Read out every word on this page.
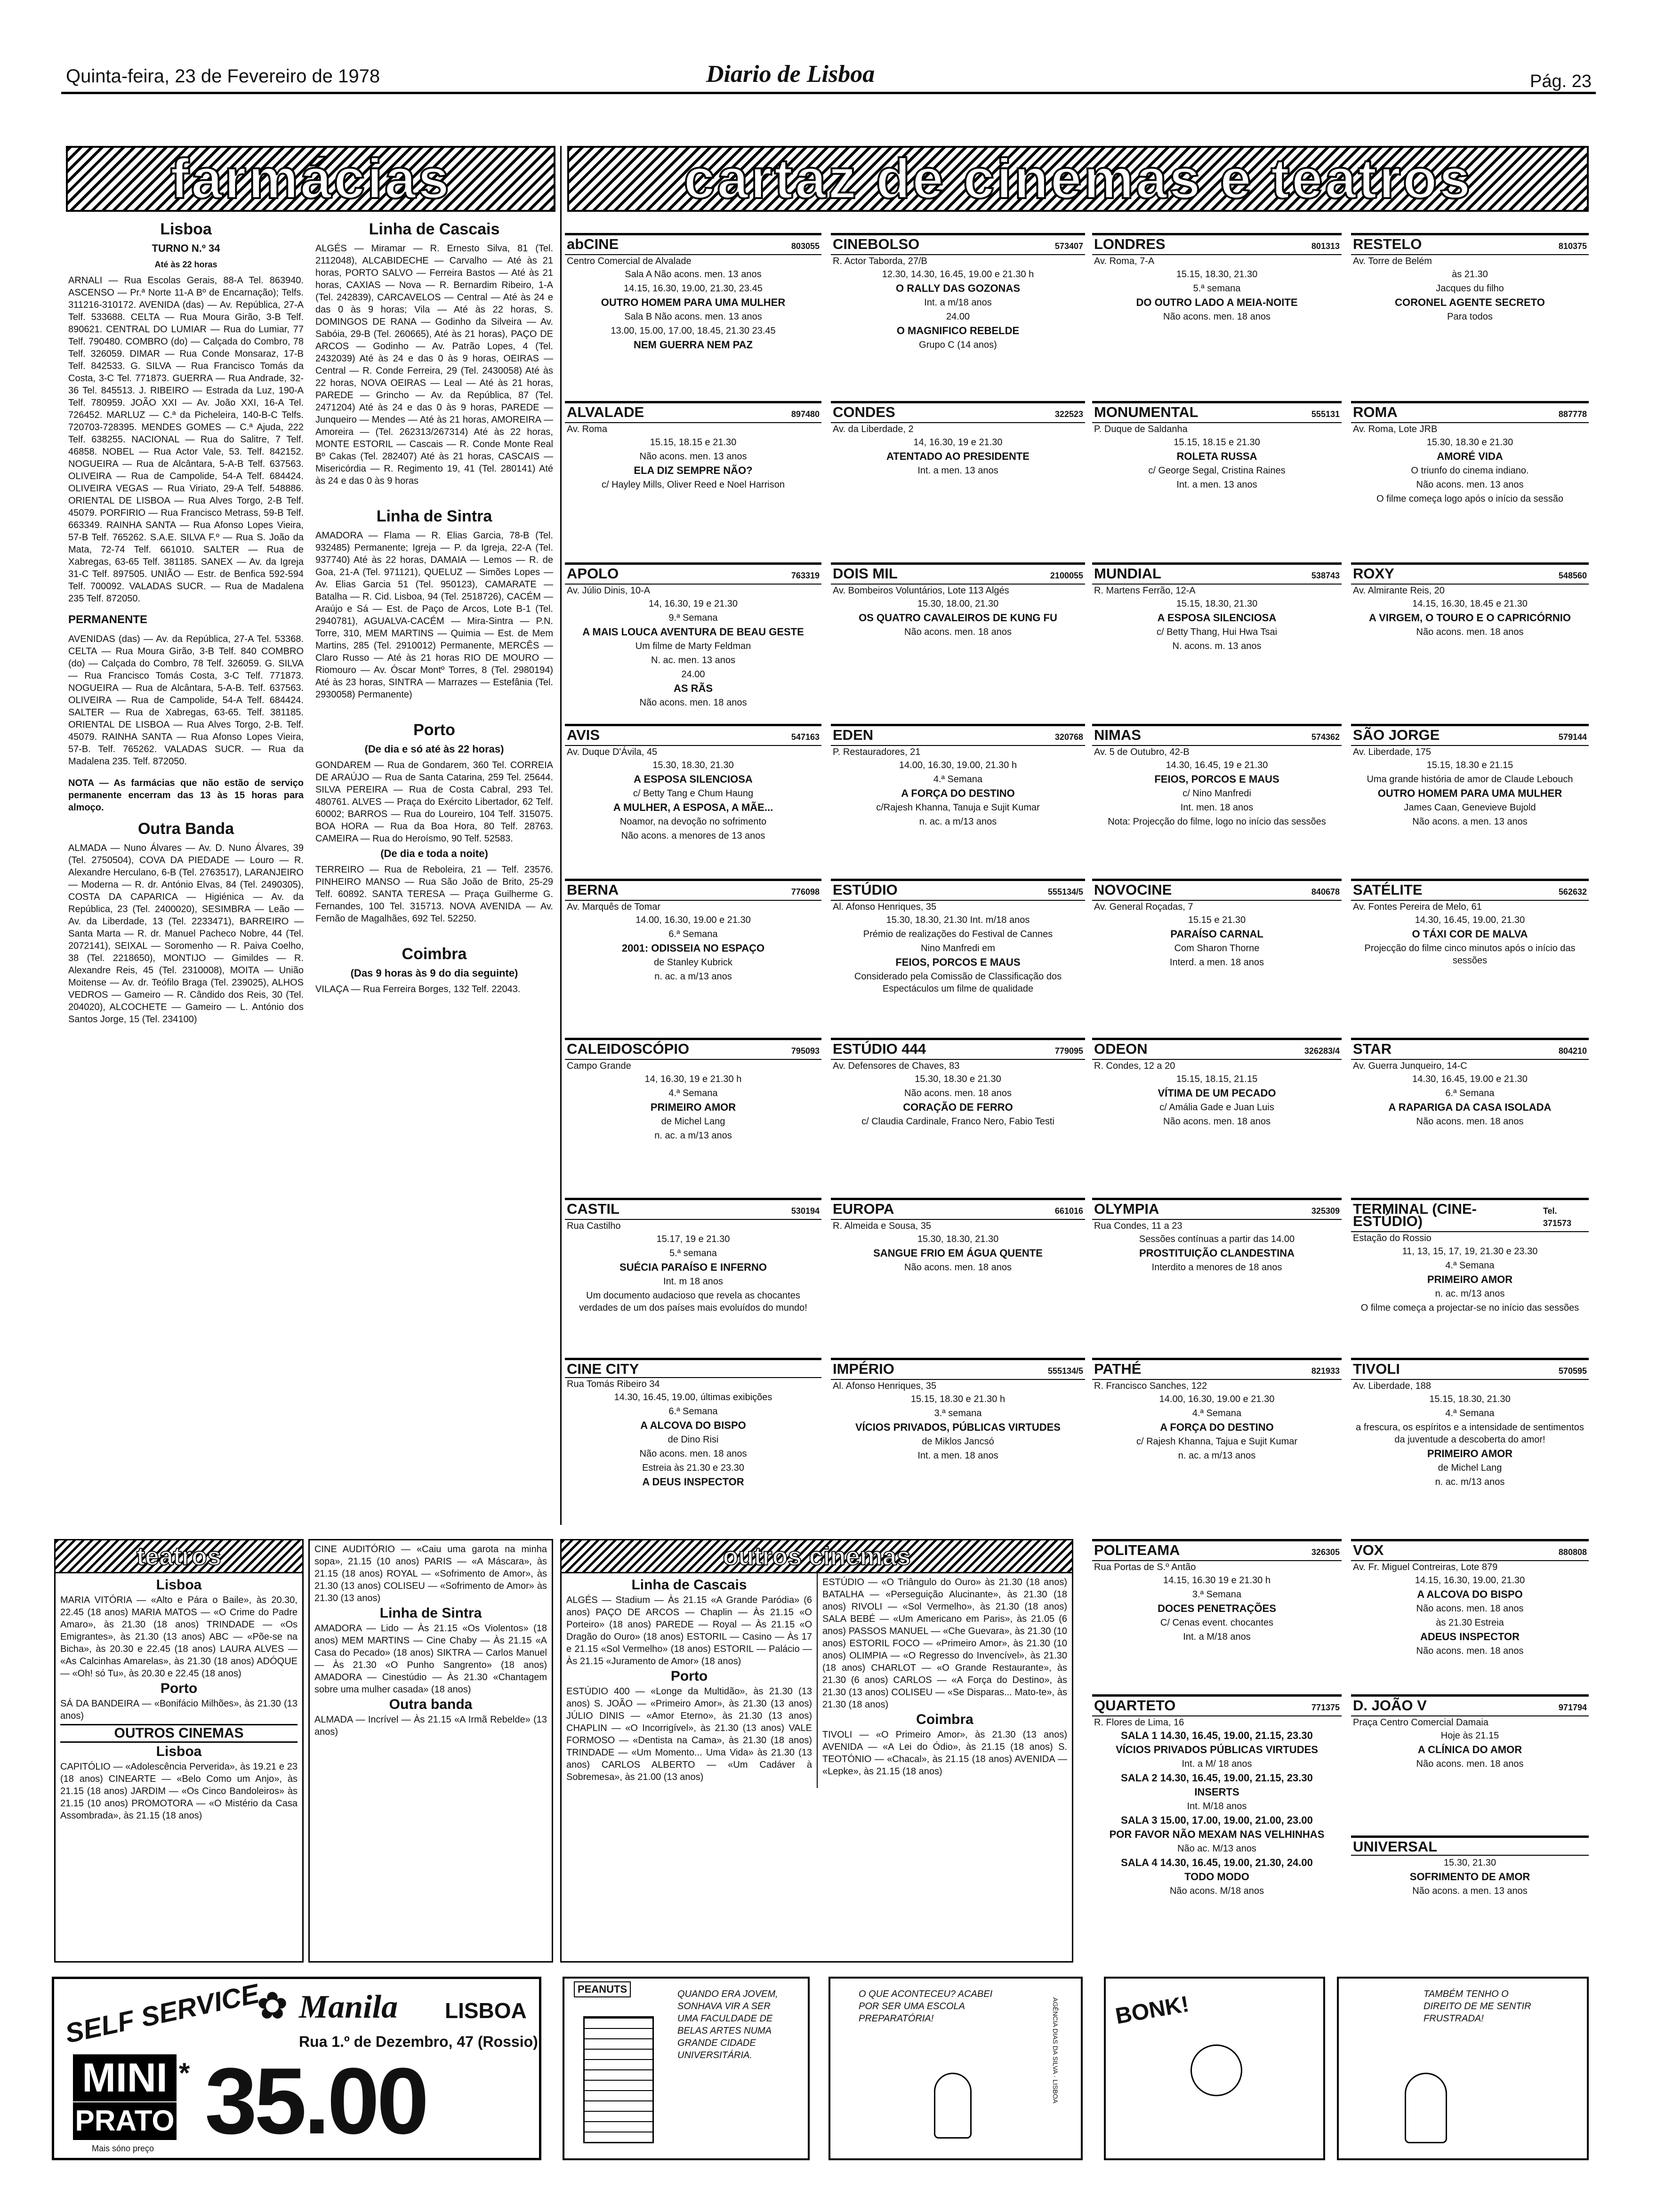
Quinta-feira, 23 de Fevereiro de 1978	Diario de Lisboa	Pág. 23
farmácias	cartaz de cinemas e teatros
Lisboa
TURNO N.º 34
Até às 22 horas

ARNALI — Rua Escolas Gerais, 88-A Tel. 863940. ASCENSO — Pr.ª Norte 11-A Bº de Encarnação); Telfs. 311216-310172. AVENIDA (das) — Av. República, 27-A Telf. 533688. CELTA — Rua Moura Girão, 3-B Telf. 890621. CENTRAL DO LUMIAR — Rua do Lumiar, 77 Telf. 790480. COMBRO (do) — Calçada do Combro, 78 Telf. 326059. DIMAR — Rua Conde Monsaraz, 17-B Telf. 842533. G. SILVA — Rua Francisco Tomás da Costa, 3-C Tel. 771873. GUERRA — Rua Andrade, 32-36 Tel. 845513. J. RIBEIRO — Estrada da Luz, 190-A Telf. 780959. JOÃO XXI — Av. João XXI, 16-A Tel. 726452. MARLUZ — C.ª da Picheleira, 140-B-C Telfs. 720703-728395. MENDES GOMES — C.ª Ajuda, 222 Telf. 638255. NACIONAL — Rua do Salitre, 7 Telf. 46858. NOBEL — Rua Actor Vale, 53. Telf. 842152. NOGUEIRA — Rua de Alcântara, 5-A-B Telf. 637563. OLIVEIRA — Rua de Campolide, 54-A Telf. 684424. OLIVEIRA VEGAS — Rua Viriato, 29-A Telf. 548886. ORIENTAL DE LISBOA — Rua Alves Torgo, 2-B Telf. 45079. PORFIRIO — Rua Francisco Metrass, 59-B Telf. 663349. RAINHA SANTA — Rua Afonso Lopes Vieira, 57-B Telf. 765262. S.A.E. SILVA F.º — Rua S. João da Mata, 72-74 Telf. 661010. SALTER — Rua de Xabregas, 63-65 Telf. 381185. SANEX — Av. da Igreja 31-C Telf. 897505. UNIÃO — Estr. de Benfica 592-594 Telf. 700092. VALADAS SUCR. — Rua de Madalena 235 Telf. 872050.

PERMANENTE

AVENIDAS (das) — Av. da República, 27-A Tel. 53368. CELTA — Rua Moura Girão, 3-B Telf. 840 COMBRO (do) — Calçada do Combro, 78 Telf. 326059. G. SILVA — Rua Francisco Tomás Costa, 3-C Telf. 771873. NOGUEIRA — Rua de Alcântara, 5-A-B. Telf. 637563. OLIVEIRA — Rua de Campolide, 54-A Telf. 684424. SALTER — Rua de Xabregas, 63-65. Telf. 381185. ORIENTAL DE LISBOA — Rua Alves Torgo, 2-B. Telf. 45079. RAINHA SANTA — Rua Afonso Lopes Vieira, 57-B. Telf. 765262. VALADAS SUCR. — Rua da Madalena 235. Telf. 872050.

NOTA — As farmácias que não estão de serviço permanente encerram das 13 às 15 horas para almoço.

Outra Banda

ALMADA — Nuno Álvares — Av. D. Nuno Álvares, 39 (Tel. 2750504), COVA DA PIEDADE — Louro — R. Alexandre Herculano, 6-B (Tel. 2763517), LARANJEIRO — Moderna — R. dr. António Elvas, 84 (Tel. 2490305), COSTA DA CAPARICA — Higiénica — Av. da República, 23 (Tel. 2400020), SESIMBRA — Leão — Av. da Liberdade, 13 (Tel. 2233471), BARREIRO — Santa Marta — R. dr. Manuel Pacheco Nobre, 44 (Tel. 2072141), SEIXAL — Soromenho — R. Paiva Coelho, 38 (Tel. 2218650), MONTIJO — Gimildes — R. Alexandre Reis, 45 (Tel. 2310008), MOITA — União Moitense — Av. dr. Teófilo Braga (Tel. 239025), ALHOS VEDROS — Gameiro — R. Cândido dos Reis, 30 (Tel. 204020), ALCOCHETE — Gameiro — L. António dos Santos Jorge, 15 (Tel. 234100)

Linha de Cascais

ALGÉS — Miramar — R. Ernesto Silva, 81 (Tel. 2112048), ALCABIDECHE — Carvalho — Até às 21 horas, PORTO SALVO — Ferreira Bastos — Até às 21 horas, CAXIAS — Nova — R. Bernardim Ribeiro, 1-A (Tel. 242839), CARCAVELOS — Central — Até às 24 e das 0 às 9 horas; Vila — Até às 22 horas, S. DOMINGOS DE RANA — Godinho da Silveira — Av. Sabóia, 29-B (Tel. 260665), Até às 21 horas), PAÇO DE ARCOS — Godinho — Av. Patrão Lopes, 4 (Tel. 2432039) Até às 24 e das 0 às 9 horas, OEIRAS — Central — R. Conde Ferreira, 29 (Tel. 2430058) Até às 22 horas, NOVA OEIRAS — Leal — Até às 21 horas, PAREDE — Grincho — Av. da República, 87 (Tel. 2471204) Até às 24 e das 0 às 9 horas, PAREDE — Junqueiro — Mendes — Até às 21 horas, AMOREIRA — Amoreira — (Tel. 262313/267314) Até às 22 horas, MONTE ESTORIL — Cascais — R. Conde Monte Real Bº Cakas (Tel. 282407) Até às 21 horas, CASCAIS — Misericórdia — R. Regimento 19, 41 (Tel. 280141) Até às 24 e das 0 às 9 horas

Linha de Sintra

AMADORA — Flama — R. Elias Garcia, 78-B (Tel. 932485) Permanente; Igreja — P. da Igreja, 22-A (Tel. 937740) Até às 22 horas, DAMAIA — Lemos — R. de Goa, 21-A (Tel. 971121), QUELUZ — Simões Lopes — Av. Elias Garcia 51 (Tel. 950123), CAMARATE — Batalha — R. Cid. Lisboa, 94 (Tel. 2518726), CACÉM — Araújo e Sá — Est. de Paço de Arcos, Lote B-1 (Tel. 2940781), AGUALVA-CACÉM — Mira-Sintra — P.N. Torre, 310, MEM MARTINS — Quimia — Est. de Mem Martins, 285 (Tel. 2910012) Permanente, MERCÊS — Claro Russo — Até às 21 horas RIO DE MOURO — Riomouro — Av. Óscar Montº Torres, 8 (Tel. 2980194) Até às 23 horas, SINTRA — Marrazes — Estefânia (Tel. 2930058) Permanente)

Porto
(De dia e só até às 22 horas)

GONDAREM — Rua de Gondarem, 360 Tel. CORREIA DE ARAÚJO — Rua de Santa Catarina, 259 Tel. 25644. SILVA PEREIRA — Rua de Costa Cabral, 293 Tel. 480761. ALVES — Praça do Exército Libertador, 62 Telf. 60002; BARROS — Rua do Loureiro, 104 Telf. 315075. BOA HORA — Rua da Boa Hora, 80 Telf. 28763. CAMEIRA — Rua do Heroísmo, 90 Telf. 52583.

(De dia e toda a noite)

TERREIRO — Rua de Reboleira, 21 — Telf. 23576. PINHEIRO MANSO — Rua São João de Brito, 25-29 Telf. 60892. SANTA TERESA — Praça Guilherme G. Fernandes, 100 Tel. 315713. NOVA AVENIDA — Av. Fernão de Magalhães, 692 Tel. 52250.

Coimbra
(Das 9 horas às 9 do dia seguinte)

VILAÇA — Rua Ferreira Borges, 132 Telf. 22043.

abCINE	803055
Centro Comercial de Alvalade
Sala A Não acons. men. 13 anos
14.15, 16.30, 19.00, 21.30, 23.45
OUTRO HOMEM PARA UMA MULHER
Sala B Não acons. men. 13 anos
13.00, 15.00, 17.00, 18.45, 21.30 23.45
NEM GUERRA NEM PAZ
ALVALADE	897480
Av. Roma
15.15, 18.15 e 21.30
Não acons. men. 13 anos
ELA DIZ SEMPRE NÃO?
c/ Hayley Mills, Oliver Reed e Noel Harrison
APOLO	763319
Av. Júlio Dinis, 10-A
14, 16.30, 19 e 21.30
9.ª Semana
A MAIS LOUCA AVENTURA DE BEAU GESTE
Um filme de Marty Feldman
N. ac. men. 13 anos
24.00
AS RÃS
Não acons. men. 18 anos
AVIS	547163
Av. Duque D'Ávila, 45
15.30, 18.30, 21.30
A ESPOSA SILENCIOSA
c/ Betty Tang e Chum Haung
A MULHER, A ESPOSA, A MÃE...
Noamor, na devoção no sofrimento
Não acons. a menores de 13 anos
BERNA	776098
Av. Marquês de Tomar
14.00, 16.30, 19.00 e 21.30
6.ª Semana
2001: ODISSEIA NO ESPAÇO
de Stanley Kubrick
n. ac. a m/13 anos
CALEIDOSCÓPIO	795093
Campo Grande
14, 16.30, 19 e 21.30 h
4.ª Semana
PRIMEIRO AMOR
de Michel Lang
n. ac. a m/13 anos
CASTIL	530194
Rua Castilho
15.17, 19 e 21.30
5.ª semana
SUÉCIA PARAÍSO E INFERNO
Int. m 18 anos
Um documento audacioso que revela as chocantes verdades de um dos países mais evoluídos do mundo!
CINE CITY
Rua Tomás Ribeiro 34
14.30, 16.45, 19.00, últimas exibições
6.ª Semana
A ALCOVA DO BISPO
de Dino Risi
Não acons. men. 18 anos
Estreia às 21.30 e 23.30
A DEUS INSPECTOR
CINEBOLSO	573407
R. Actor Taborda, 27/B
12.30, 14.30, 16.45, 19.00 e 21.30 h
O RALLY DAS GOZONAS
Int. a m/18 anos
24.00
O MAGNIFICO REBELDE
Grupo C (14 anos)
CONDES	322523
Av. da Liberdade, 2
14, 16.30, 19 e 21.30
ATENTADO AO PRESIDENTE
Int. a men. 13 anos
DOIS MIL	2100055
Av. Bombeiros Voluntários, Lote 113 Algés
15.30, 18.00, 21.30
OS QUATRO CAVALEIROS DE KUNG FU
Não acons. men. 18 anos
EDEN	320768
P. Restauradores, 21
14.00, 16.30, 19.00, 21.30 h
4.ª Semana
A FORÇA DO DESTINO
c/Rajesh Khanna, Tanuja e Sujit Kumar
n. ac. a m/13 anos
ESTÚDIO	555134/5
Al. Afonso Henriques, 35
15.30, 18.30, 21.30 Int. m/18 anos
Prémio de realizações do Festival de Cannes
Nino Manfredi em
FEIOS, PORCOS E MAUS
Considerado pela Comissão de Classificação dos Espectáculos um filme de qualidade
ESTÚDIO 444	779095
Av. Defensores de Chaves, 83
15.30, 18.30 e 21.30
Não acons. men. 18 anos
CORAÇÃO DE FERRO
c/ Claudia Cardinale, Franco Nero, Fabio Testi
EUROPA	661016
R. Almeida e Sousa, 35
15.30, 18.30, 21.30
SANGUE FRIO EM ÁGUA QUENTE
Não acons. men. 18 anos
IMPÉRIO	555134/5
Al. Afonso Henriques, 35
15.15, 18.30 e 21.30 h
3.ª semana
VÍCIOS PRIVADOS, PÚBLICAS VIRTUDES
de Miklos Jancsó
Int. a men. 18 anos
LONDRES	801313
Av. Roma, 7-A
15.15, 18.30, 21.30
5.ª semana
DO OUTRO LADO A MEIA-NOITE
Não acons. men. 18 anos
MONUMENTAL	555131
P. Duque de Saldanha
15.15, 18.15 e 21.30
ROLETA RUSSA
c/ George Segal, Cristina Raines
Int. a men. 13 anos
MUNDIAL	538743
R. Martens Ferrão, 12-A
15.15, 18.30, 21.30
A ESPOSA SILENCIOSA
c/ Betty Thang, Hui Hwa Tsai
N. acons. m. 13 anos
NIMAS	574362
Av. 5 de Outubro, 42-B
14.30, 16.45, 19 e 21.30
FEIOS, PORCOS E MAUS
c/ Nino Manfredi
Int. men. 18 anos
Nota: Projecção do filme, logo no início das sessões
NOVOCINE	840678
Av. General Roçadas, 7
15.15 e 21.30
PARAÍSO CARNAL
Com Sharon Thorne
Interd. a men. 18 anos
ODEON	326283/4
R. Condes, 12 a 20
15.15, 18.15, 21.15
VÍTIMA DE UM PECADO
c/ Amália Gade e Juan Luis
Não acons. men. 18 anos
OLYMPIA	325309
Rua Condes, 11 a 23
Sessões contínuas a partir das 14.00
PROSTITUIÇÃO CLANDESTINA
Interdito a menores de 18 anos
PATHÉ	821933
R. Francisco Sanches, 122
14.00, 16.30, 19.00 e 21.30
4.ª Semana
A FORÇA DO DESTINO
c/ Rajesh Khanna, Tajua e Sujit Kumar
n. ac. a m/13 anos
POLITEAMA	326305
Rua Portas de S.º Antão
14.15, 16.30 19 e 21.30 h
3.ª Semana
DOCES PENETRAÇÕES
C/ Cenas event. chocantes
Int. a M/18 anos
QUARTETO	771375
R. Flores de Lima, 16
SALA 1 14.30, 16.45, 19.00, 21.15, 23.30
VÍCIOS PRIVADOS PÚBLICAS VIRTUDES
Int. a M/ 18 anos
SALA 2 14.30, 16.45, 19.00, 21.15, 23.30
INSERTS
Int. M/18 anos
SALA 3 15.00, 17.00, 19.00, 21.00, 23.00
POR FAVOR NÃO MEXAM NAS VELHINHAS
Não ac. M/13 anos
SALA 4 14.30, 16.45, 19.00, 21.30, 24.00
TODO MODO
Não acons. M/18 anos
RESTELO	810375
Av. Torre de Belém
às 21.30
Jacques du filho
CORONEL AGENTE SECRETO
Para todos
ROMA	887778
Av. Roma, Lote JRB
15.30, 18.30 e 21.30
AMORÉ VIDA
O triunfo do cinema indiano.
Não acons. men. 13 anos
O filme começa logo após o início da sessão
ROXY	548560
Av. Almirante Reis, 20
14.15, 16.30, 18.45 e 21.30
A VIRGEM, O TOURO E O CAPRICÓRNIO
Não acons. men. 18 anos
SÃO JORGE	579144
Av. Liberdade, 175
15.15, 18.30 e 21.15
Uma grande história de amor de Claude Lebouch
OUTRO HOMEM PARA UMA MULHER
James Caan, Genevieve Bujold
Não acons. a men. 13 anos
SATÉLITE	562632
Av. Fontes Pereira de Melo, 61
14.30, 16.45, 19.00, 21.30
O TÁXI COR DE MALVA
Projecção do filme cinco minutos após o início das sessões
STAR	804210
Av. Guerra Junqueiro, 14-C
14.30, 16.45, 19.00 e 21.30
6.ª Semana
A RAPARIGA DA CASA ISOLADA
Não acons. men. 18 anos
TERMINAL (CINE-ESTÚDIO)
Tel. 371573
Estação do Rossio
11, 13, 15, 17, 19, 21.30 e 23.30
4.ª Semana
PRIMEIRO AMOR
n. ac. m/13 anos
O filme começa a projectar-se no início das sessões
TIVOLI	570595
Av. Liberdade, 188
15.15, 18.30, 21.30
4.ª Semana
a frescura, os espíritos e a intensidade de sentimentos da juventude a descoberta do amor!
PRIMEIRO AMOR
de Michel Lang
n. ac. m/13 anos
VOX	880808
Av. Fr. Miguel Contreiras, Lote 879
14.15, 16.30, 19.00, 21.30
A ALCOVA DO BISPO
Não acons. men. 18 anos
às 21.30 Estreia
ADEUS INSPECTOR
Não acons. men. 18 anos
D. JOÃO V	971794
Praça Centro Comercial Damaia
Hoje às 21.15
A CLÍNICA DO AMOR
Não acons. men. 18 anos
UNIVERSAL
15.30, 21.30
SOFRIMENTO DE AMOR
Não acons. a men. 13 anos
teatros
Lisboa

MARIA VITÓRIA — «Alto e Pára o Baile», às 20.30, 22.45 (18 anos) MARIA MATOS — «O Crime do Padre Amaro», às 21.30 (18 anos) TRINDADE — «Os Emigrantes», às 21.30 (13 anos) ABC — «Põe-se na Bicha», às 20.30 e 22.45 (18 anos) LAURA ALVES — «As Calcinhas Amarelas», às 21.30 (18 anos) ADÓQUE — «Oh! só Tu», às 20.30 e 22.45 (18 anos)

Porto

SÁ DA BANDEIRA — «Bonifácio Milhões», às 21.30 (13 anos)

OUTROS CINEMAS
Lisboa

CAPITÓLIO — «Adolescência Perverida», às 19.21 e 23 (18 anos) CINEARTE — «Belo Como um Anjo», às 21.15 (18 anos) JARDIM — «Os Cinco Bandoleiros» às 21.15 (10 anos) PROMOTORA — «O Mistério da Casa Assombrada», às 21.15 (18 anos)

CINE AUDITÓRIO — «Caiu uma garota na minha sopa», 21.15 (10 anos) PARIS — «A Máscara», às 21.15 (18 anos) ROYAL — «Sofrimento de Amor», às 21.30 (13 anos) COLISEU — «Sofrimento de Amor» às 21.30 (13 anos)

Linha de Sintra

AMADORA — Lido — Às 21.15 «Os Violentos» (18 anos) MEM MARTINS — Cine Chaby — Às 21.15 «A Casa do Pecado» (18 anos) SIKTRA — Carlos Manuel — Às 21.30 «O Punho Sangrento» (18 anos) AMADORA — Cinestúdio — Às 21.30 «Chantagem sobre uma mulher casada» (18 anos)

Outra banda

ALMADA — Incrível — Às 21.15 «A Irmã Rebelde» (13 anos)

outros cinemas
Linha de Cascais

ALGÉS — Stadium — Às 21.15 «A Grande Paródia» (6 anos) PAÇO DE ARCOS — Chaplin — Às 21.15 «O Porteiro» (18 anos) PAREDE — Royal — Às 21.15 «O Dragão do Ouro» (18 anos) ESTORIL — Casino — Às 17 e 21.15 «Sol Vermelho» (18 anos) ESTORIL — Palácio — Às 21.15 «Juramento de Amor» (18 anos)

Porto

ESTÚDIO 400 — «Longe da Multidão», às 21.30 (13 anos) S. JOÃO — «Primeiro Amor», às 21.30 (13 anos) JÚLIO DINIS — «Amor Eterno», às 21.30 (13 anos) CHAPLIN — «O Incorrigível», às 21.30 (13 anos) VALE FORMOSO — «Dentista na Cama», às 21.30 (18 anos) TRINDADE — «Um Momento... Uma Vida» às 21.30 (13 anos) CARLOS ALBERTO — «Um Cadáver à Sobremesa», às 21.00 (13 anos)

ESTÚDIO — «O Triângulo do Ouro» às 21.30 (18 anos) BATALHA — «Perseguição Alucinante», às 21.30 (18 anos) RIVOLI — «Sol Vermelho», às 21.30 (18 anos) SALA BEBÉ — «Um Americano em Paris», às 21.05 (6 anos) PASSOS MANUEL — «Che Guevara», às 21.30 (10 anos) ESTORIL FOCO — «Primeiro Amor», às 21.30 (10 anos) OLIMPIA — «O Regresso do Invencível», às 21.30 (18 anos) CHARLOT — «O Grande Restaurante», às 21.30 (6 anos) CARLOS — «A Força do Destino», às 21.30 (13 anos) COLISEU — «Se Disparas... Mato-te», às 21.30 (18 anos)

Coimbra

TIVOLI — «O Primeiro Amor», às 21.30 (13 anos) AVENIDA — «A Lei do Ódio», às 21.15 (18 anos) S. TEOTÓNIO — «Chacal», às 21.15 (18 anos) AVENIDA — «Lepke», às 21.15 (18 anos)

SELF SERVICE
✿ Manila LISBOA
Rua 1.º de Dezembro, 47 (Rossio)
MINI
PRATO
* 35.00
Mais sóno preço
PEANUTS	QUANDO ERA JOVEM, SONHAVA VIR A SER UMA FACULDADE DE BELAS ARTES NUMA GRANDE CIDADE UNIVERSITÁRIA.
O QUE ACONTECEU? ACABEI POR SER UMA ESCOLA PREPARATÓRIA!	AGÊNCIA DIAS DA SILVA · LISBOA BONK!	TAMBÉM TENHO O DIREITO DE ME SENTIR FRUSTRADA!
